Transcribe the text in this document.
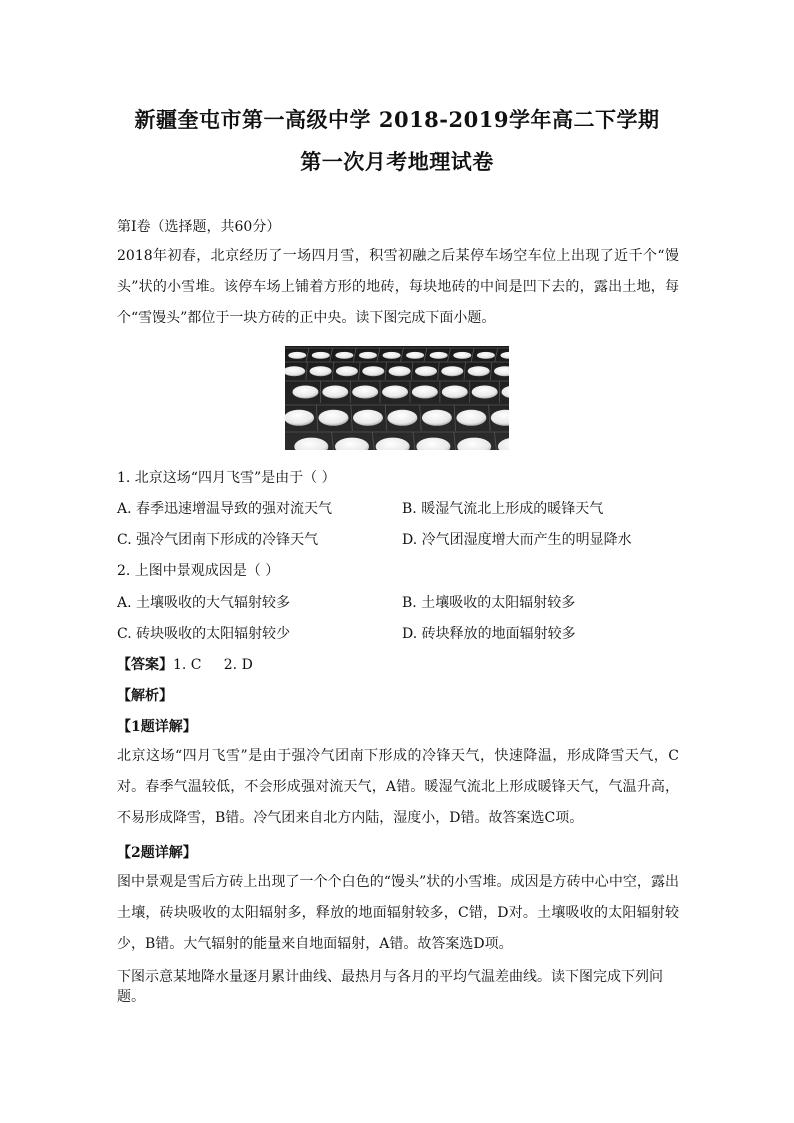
新疆奎屯市第一高级中学 2018-2019学年高二下学期
第一次月考地理试卷
第Ⅰ卷（选择题，共60分）
2018年初春，北京经历了一场四月雪，积雪初融之后某停车场空车位上出现了近千个“馒头”状的小雪堆。该停车场上铺着方形的地砖，每块地砖的中间是凹下去的，露出土地，每个“雪馒头”都位于一块方砖的正中央。读下图完成下面小题。
1. 北京这场“四月飞雪”是由于（ ）
A. 春季迅速增温导致的强对流天气	B. 暖湿气流北上形成的暖锋天气
C. 强冷气团南下形成的冷锋天气	D. 冷气团湿度增大而产生的明显降水
2. 上图中景观成因是（ ）
A. 土壤吸收的大气辐射较多	B. 土壤吸收的太阳辐射较多
C. 砖块吸收的太阳辐射较少	D. 砖块释放的地面辐射较多
【答案】1. C     2. D
【解析】
【1题详解】
北京这场“四月飞雪”是由于强冷气团南下形成的冷锋天气，快速降温，形成降雪天气，C对。春季气温较低，不会形成强对流天气，A错。暖湿气流北上形成暖锋天气，气温升高，不易形成降雪，B错。冷气团来自北方内陆，湿度小，D错。故答案选C项。
【2题详解】
图中景观是雪后方砖上出现了一个个白色的“馒头”状的小雪堆。成因是方砖中心中空，露出土壤，砖块吸收的太阳辐射多，释放的地面辐射较多，C错，D对。土壤吸收的太阳辐射较少，B错。大气辐射的能量来自地面辐射，A错。故答案选D项。
下图示意某地降水量逐月累计曲线、最热月与各月的平均气温差曲线。读下图完成下列问题。
